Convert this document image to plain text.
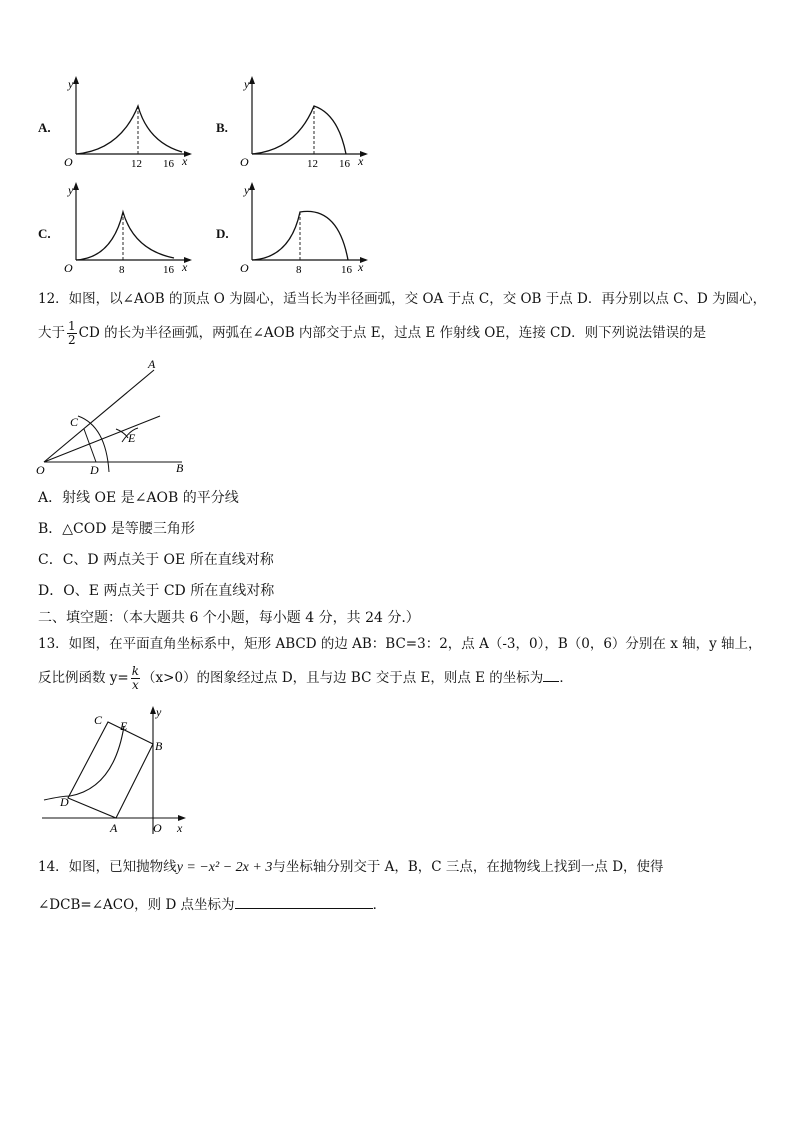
A.
y
O	12 16 x
B.
y
O	12 16 x
C.
y
O	8	16 x
D.
y
O	8	16 x
12．如图，以∠AOB 的顶点 O 为圆心，适当长为半径画弧，交 OA 于点 C，交 OB 于点 D．再分别以点 C、D 为圆心，
大于 $\frac{1}{2}$ CD 的长为半径画弧，两弧在∠AOB 内部交于点 E，过点 E 作射线 OE，连接 CD．则下列说法错误的是
A
B
C
D
E
O
A．射线 OE 是∠AOB 的平分线
B．△COD 是等腰三角形
C．C、D 两点关于 OE 所在直线对称
D．O、E 两点关于 CD 所在直线对称
二、填空题：（本大题共 6 个小题，每小题 4 分，共 24 分.）
13．如图，在平面直角坐标系中，矩形 ABCD 的边 AB：BC=3：2，点 A（-3，0），B（0，6）分别在 x 轴，y 轴上，
反比例函数 $y= \frac{k}{x} (x>0)$的图象经过点 D，且与边 BC 交于点 E，则点 E 的坐标为 ．
C E
y
B
D
A	O x
14．如图，已知抛物线y = −x² − 2x + 3与坐标轴分别交于 A，B，C 三点，在抛物线上找到一点 D，使得
∠DCB=∠ACO，则 D 点坐标为	．
